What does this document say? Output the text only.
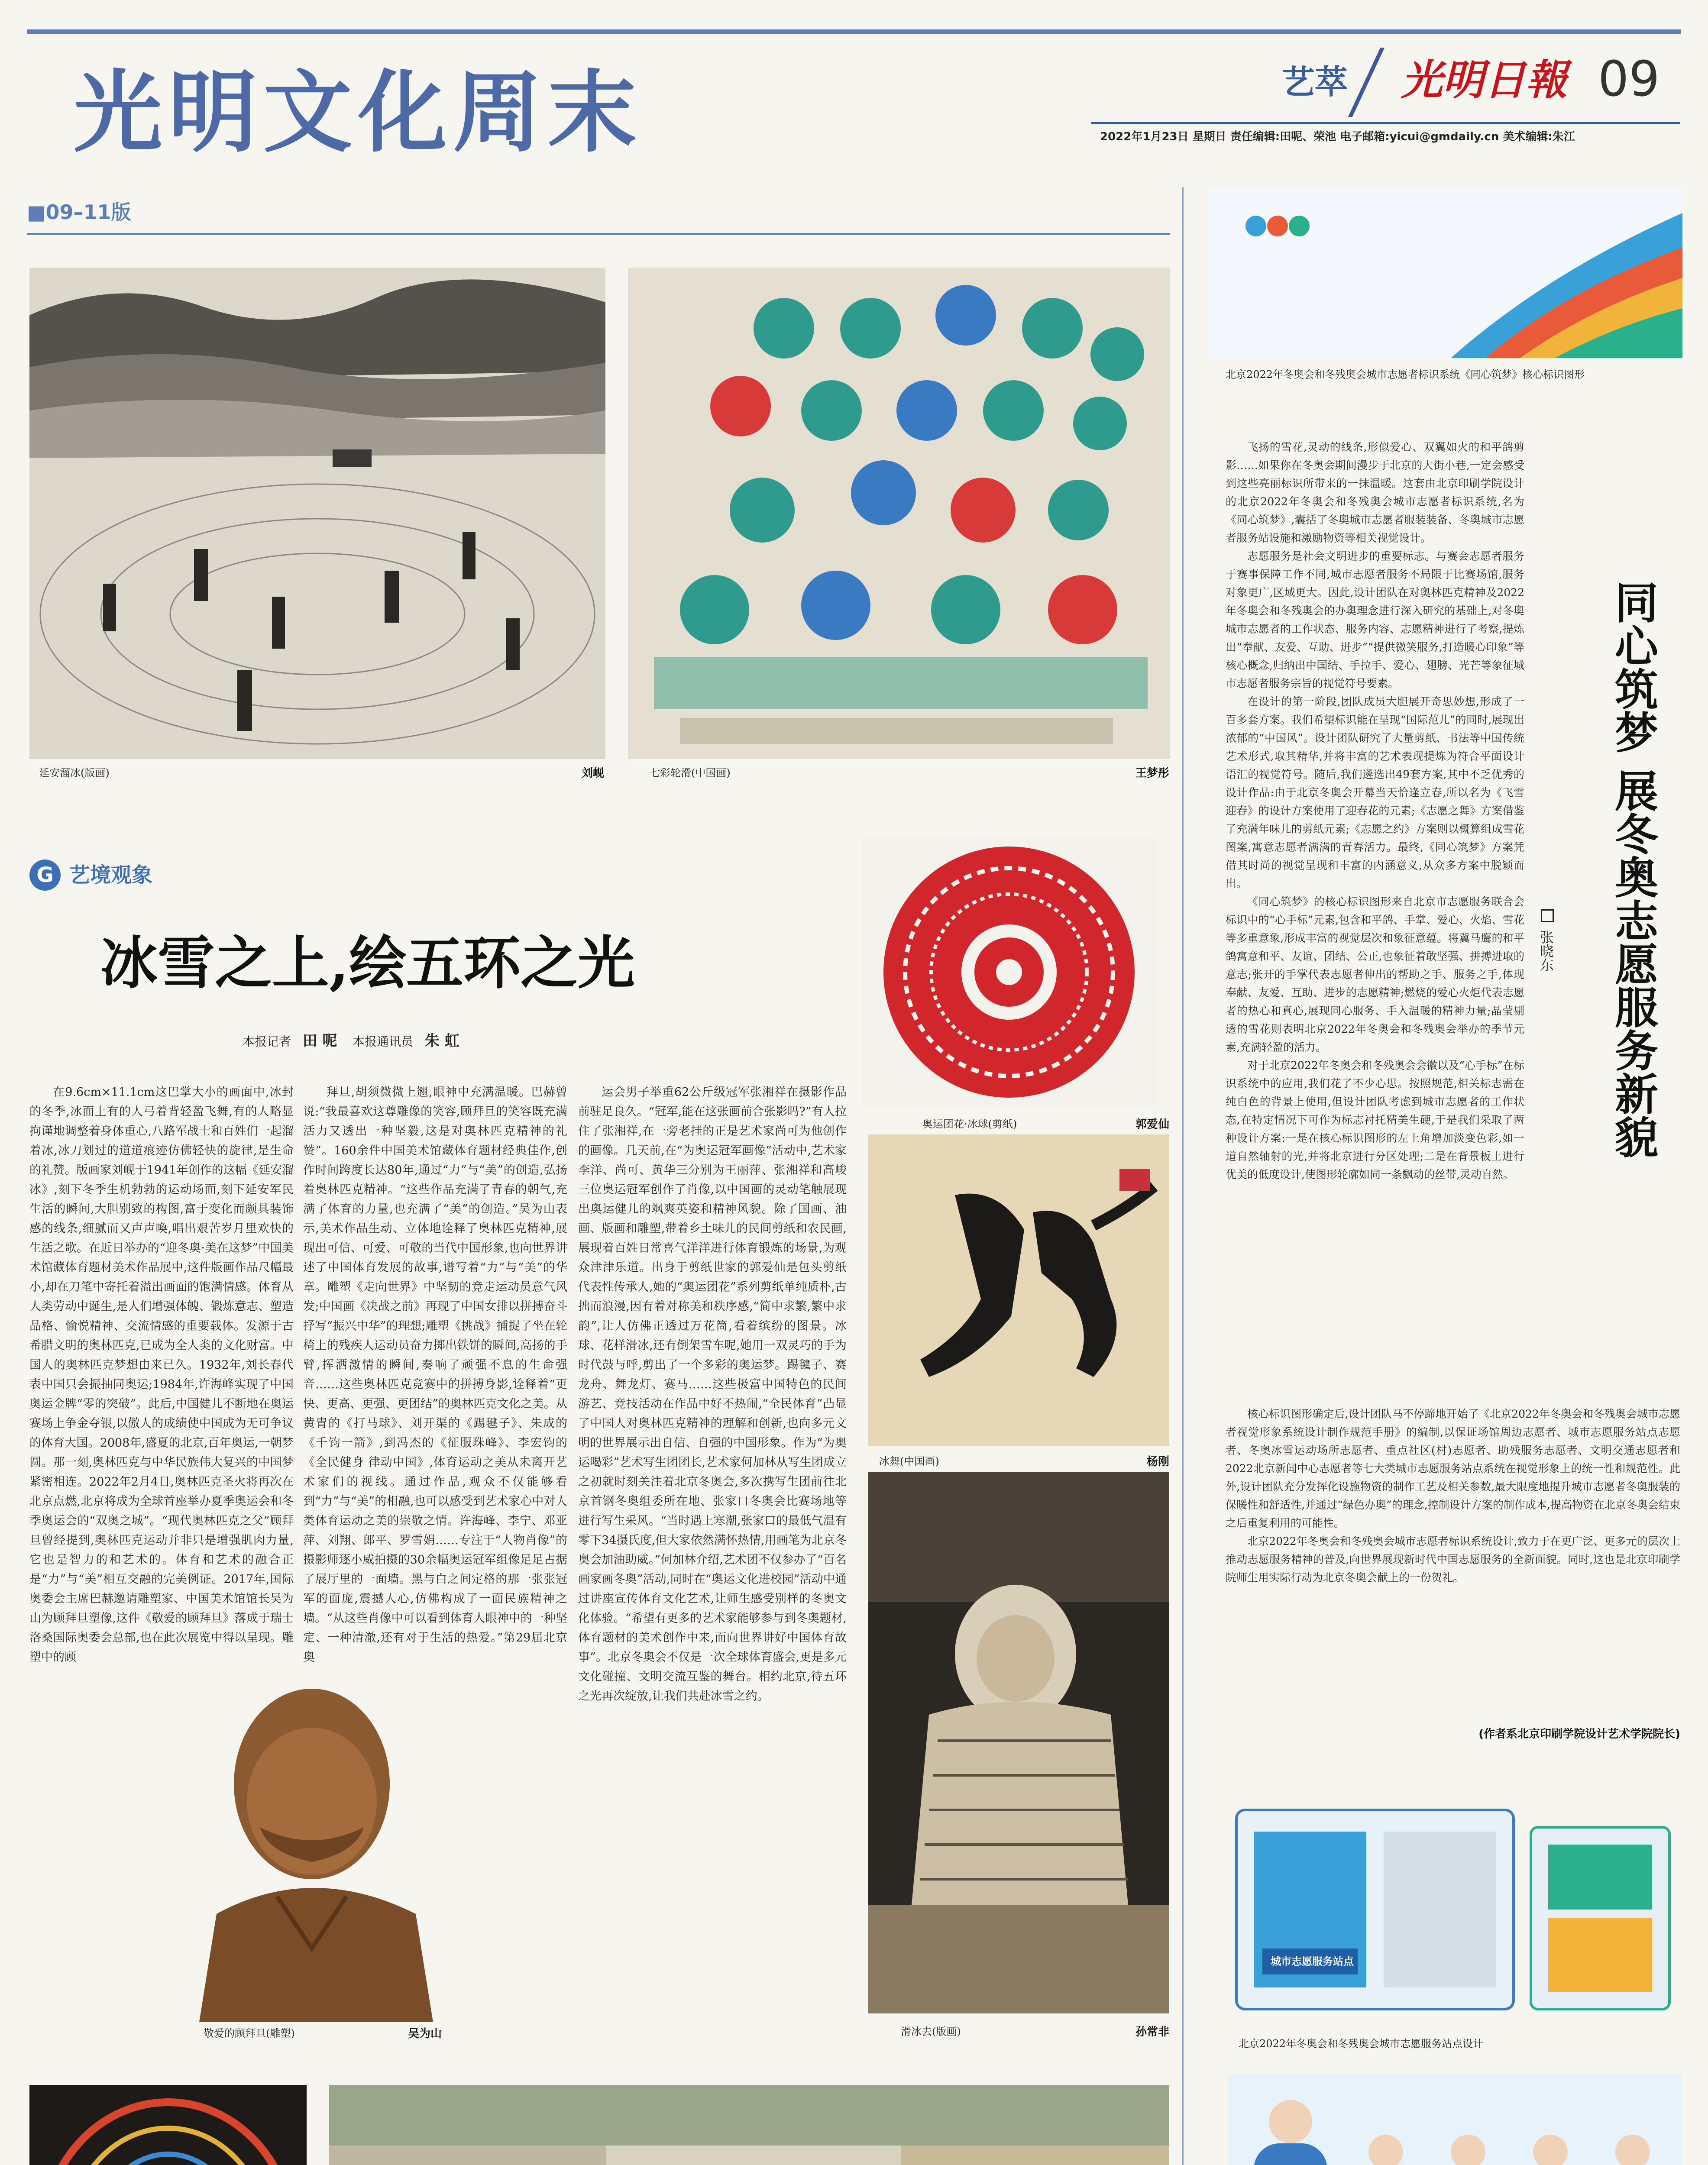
光明文化周末	艺萃 光明日報 09
2022年1月23日 星期日 责任编辑:田呢、荣池 电子邮箱:yicui@gmdaily.cn 美术编辑:朱江
■09–11版
延安溜冰(版画)	刘岘	七彩轮滑(中国画)	王梦彤
G 艺境观象
冰雪之上,绘五环之光
本报记者 田 呢 本报通讯员 朱 虹
奥运团花·冰球(剪纸)	郭爱仙
冰舞(中国画)	杨刚
滑冰去(版画)	孙常非
敬爱的顾拜旦(雕塑)	吴为山

在9.6cm×11.1cm这巴掌大小的画面中,冰封的冬季,冰面上有的人弓着背轻盈飞舞,有的人略显拘谨地调整着身体重心,八路军战士和百姓们一起溜着冰,冰刀划过的道道痕迹仿佛轻快的旋律,是生命的礼赞。版画家刘岘于1941年创作的这幅《延安溜冰》,刻下冬季生机勃勃的运动场面,刻下延安军民生活的瞬间,大胆别致的构图,富于变化而颇具装饰感的线条,细腻而又声声喚,唱出艰苦岁月里欢快的生活之歌。在近日举办的“迎冬奥·美在这梦”中国美术馆藏体育题材美术作品展中,这件版画作品尺幅最小,却在刀笔中寄托着溢出画面的饱满情感。体育从人类劳动中诞生,是人们增强体魄、锻炼意志、塑造品格、愉悦精神、交流情感的重要载体。发源于古希腊文明的奥林匹克,已成为全人类的文化财富。中国人的奥林匹克梦想由来已久。1932年,刘长春代表中国只会振抽同奥运;1984年,许海峰实现了中国奥运金牌“零的突破”。此后,中国健儿不断地在奥运赛场上争金夺银,以傲人的成绩使中国成为无可争议的体育大国。2008年,盛夏的北京,百年奥运,一朝梦圆。那一刻,奥林匹克与中华民族伟大复兴的中国梦紧密相连。2022年2月4日,奥林匹克圣火将再次在北京点燃,北京将成为全球首座举办夏季奥运会和冬季奥运会的“双奥之城”。“现代奥林匹克之父”顾拜旦曾经提到,奥林匹克运动并非只是增强肌肉力量,它也是智力的和艺术的。体育和艺术的融合正是“力”与“美”相互交融的完美例证。2017年,国际奥委会主席巴赫邀请雕塑家、中国美术馆馆长吴为山为顾拜旦塑像,这件《敬爱的顾拜旦》落成于瑞士洛桑国际奥委会总部,也在此次展览中得以呈现。雕塑中的顾

拜旦,胡须微微上翘,眼神中充满温暖。巴赫曾说:“我最喜欢这尊雕像的笑容,顾拜旦的笑容既充满活力又透出一种坚毅,这是对奥林匹克精神的礼赞”。160余件中国美术馆藏体育题材经典佳作,创作时间跨度长达80年,通过“力”与“美”的创造,弘扬着奥林匹克精神。“这些作品充满了青春的朝气,充满了体育的力量,也充满了“美”的创造。”吴为山表示,美术作品生动、立体地诠释了奥林匹克精神,展现出可信、可爱、可敬的当代中国形象,也向世界讲述了中国体育发展的故事,谱写着“力”与“美”的华章。雕塑《走向世界》中坚韧的竞走运动员意气风发;中国画《决战之前》再现了中国女排以拼搏奋斗抒写“振兴中华”的理想;雕塑《挑战》捕捉了坐在轮椅上的残疾人运动员奋力掷出铁饼的瞬间,高扬的手臂,挥洒激情的瞬间,奏响了顽强不息的生命强音……这些奥林匹克竞赛中的拼搏身影,诠释着“更快、更高、更强、更团结”的奥林匹克文化之美。从黄胄的《打马球》、刘开渠的《踢毽子》、朱成的《千钧一箭》,到冯杰的《征服珠峰》、李宏钧的《全民健身 律动中国》,体育运动之美从未离开艺术家们的视线。通过作品,观众不仅能够看到“力”与“美”的相融,也可以感受到艺术家心中对人类体育运动之美的崇敬之情。许海峰、李宁、邓亚萍、刘翔、郎平、罗雪娟……专注于“人物肖像”的摄影师逐小威拍摄的30余幅奥运冠军组像足足占据了展厅里的一面墙。黑与白之间定格的那一张张冠军的面庞,震撼人心,仿佛构成了一面民族精神之墙。“从这些肖像中可以看到体育人眼神中的一种坚定、一种清澈,还有对于生活的热爱。”第29届北京奥

运会男子举重62公斤级冠军张湘祥在摄影作品前驻足良久。“冠军,能在这张画前合张影吗?”有人拉住了张湘祥,在一旁老挂的正是艺术家尚可为他创作的画像。几天前,在“为奥运冠军画像”活动中,艺术家李洋、尚可、黄华三分别为王丽萍、张湘祥和高峻三位奥运冠军创作了肖像,以中国画的灵动笔触展现出奥运健儿的飒爽英姿和精神风貌。除了国画、油画、版画和雕塑,带着乡土味儿的民间剪纸和农民画,展现着百姓日常喜气洋洋进行体育锻炼的场景,为观众津津乐道。出身于剪纸世家的郭爱仙是包头剪纸代表性传承人,她的“奥运团花”系列剪纸单纯质朴,古拙而浪漫,因有着对称美和秩序感,“简中求繁,繁中求韵”,让人仿佛正透过万花筒,看着缤纷的图景。冰球、花样滑冰,还有倒架雪车呢,她用一双灵巧的手为时代鼓与呼,剪出了一个多彩的奥运梦。踢毽子、赛龙舟、舞龙灯、赛马……这些极富中国特色的民间游艺、竞技活动在作品中好不热闹,“全民体育”凸显了中国人对奥林匹克精神的理解和创新,也向多元文明的世界展示出自信、自强的中国形象。作为“为奥运喝彩”艺术写生团团长,艺术家何加林从写生团成立之初就时刻关注着北京冬奥会,多次携写生团前往北京首钢冬奥组委所在地、张家口冬奥会比赛场地等进行写生采风。“当时遇上寒潮,张家口的最低气温有零下34摄氏度,但大家依然满怀热情,用画笔为北京冬奥会加油助威。”何加林介绍,艺术团不仅参办了“百名画家画冬奥”活动,同时在“奥运文化进校园”活动中通过讲座宣传体育文化艺术,让师生感受别样的冬奥文化体验。“希望有更多的艺术家能够参与到冬奥题材,体育题材的美术创作中来,而向世界讲好中国体育故事”。北京冬奥会不仅是一次全球体育盛会,更是多元文化碰撞、文明交流互鉴的舞台。相约北京,待五环之光再次绽放,让我们共赴冰雪之约。

北京2022年冬奥会和冬残奥会城市志愿者标识系统《同心筑梦》核心标识图形
同心筑梦 展冬奥志愿服务新貌
张晓东

飞扬的雪花,灵动的线条,形似爱心、双翼如火的和平鸽剪影……如果你在冬奥会期间漫步于北京的大街小巷,一定会感受到这些亮丽标识所带来的一抹温暖。这套由北京印刷学院设计的北京2022年冬奥会和冬残奥会城市志愿者标识系统,名为《同心筑梦》,囊括了冬奥城市志愿者服装装备、冬奥城市志愿者服务站设施和激励物资等相关视觉设计。

志愿服务是社会文明进步的重要标志。与赛会志愿者服务于赛事保障工作不同,城市志愿者服务不局限于比赛场馆,服务对象更广,区域更大。因此,设计团队在对奥林匹克精神及2022年冬奥会和冬残奥会的办奥理念进行深入研究的基础上,对冬奥城市志愿者的工作状态、服务内容、志愿精神进行了考察,提炼出“奉献、友爱、互助、进步”“提供微笑服务,打造暖心印象”等核心概念,归纳出中国结、手拉手、爱心、翅膀、光芒等象征城市志愿者服务宗旨的视觉符号要素。

在设计的第一阶段,团队成员大胆展开奇思妙想,形成了一百多套方案。我们希望标识能在呈现“国际范儿”的同时,展现出浓郁的“中国风”。设计团队研究了大量剪纸、书法等中国传统艺术形式,取其精华,并将丰富的艺术表现提炼为符合平面设计语汇的视觉符号。随后,我们遴选出49套方案,其中不乏优秀的设计作品:由于北京冬奥会开幕当天恰逢立春,所以名为《飞雪迎春》的设计方案使用了迎春花的元素;《志愿之舞》方案借鉴了充满年味儿的剪纸元素;《志愿之约》方案则以概算组成雪花图案,寓意志愿者满满的青春活力。最终,《同心筑梦》方案凭借其时尚的视觉呈现和丰富的内涵意义,从众多方案中脱颖而出。

《同心筑梦》的核心标识图形来自北京市志愿服务联合会标识中的“心手标”元素,包含和平鸽、手掌、爱心、火焰、雪花等多重意象,形成丰富的视觉层次和象征意蕴。将冀马鹰的和平鸽寓意和平、友谊、团结、公正,也象征着敢坚强、拼搏进取的意志;张开的手掌代表志愿者伸出的帮助之手、服务之手,体现奉献、友爱、互助、进步的志愿精神;燃烧的爱心火炬代表志愿者的热心和真心,展现同心服务、手入温暖的精神力量;晶莹剔透的雪花则表明北京2022年冬奥会和冬残奥会举办的季节元素,充满轻盈的活力。

对于北京2022年冬奥会和冬残奥会会徽以及“心手标”在标识系统中的应用,我们花了不少心思。按照规范,相关标志需在纯白色的背景上使用,但设计团队考虑到城市志愿者的工作状态,在特定情况下可作为标志衬托精美生硬,于是我们采取了两种设计方案:一是在核心标识图形的左上角增加淡变色彩,如一道自然轴射的光,并将北京进行分区处理;二是在背景板上进行优美的低度设计,使图形轮廓如同一条飘动的丝带,灵动自然。

核心标识图形确定后,设计团队马不停蹄地开始了《北京2022年冬奥会和冬残奥会城市志愿者视觉形象系统设计制作规范手册》的编制,以保证场馆周边志愿者、城市志愿服务站点志愿者、冬奥冰雪运动场所志愿者、重点社区(村)志愿者、助残服务志愿者、文明交通志愿者和2022北京新闻中心志愿者等七大类城市志愿服务站点系统在视觉形象上的统一性和规范性。此外,设计团队充分发挥化设施物资的制作工艺及相关参数,最大限度地提升城市志愿者冬奥服装的保暖性和舒适性,并通过“绿色办奥”的理念,控制设计方案的制作成本,提高物资在北京冬奥会结束之后重复利用的可能性。

北京2022年冬奥会和冬残奥会城市志愿者标识系统设计,致力于在更广泛、更多元的层次上推动志愿服务精神的普及,向世界展现新时代中国志愿服务的全新面貌。同时,这也是北京印刷学院师生用实际行动为北京冬奥会献上的一份贺礼。

(作者系北京印刷学院设计艺术学院院长)
城市志愿服务站点
北京2022年冬奥会和冬残奥会城市志愿服务站点设计
